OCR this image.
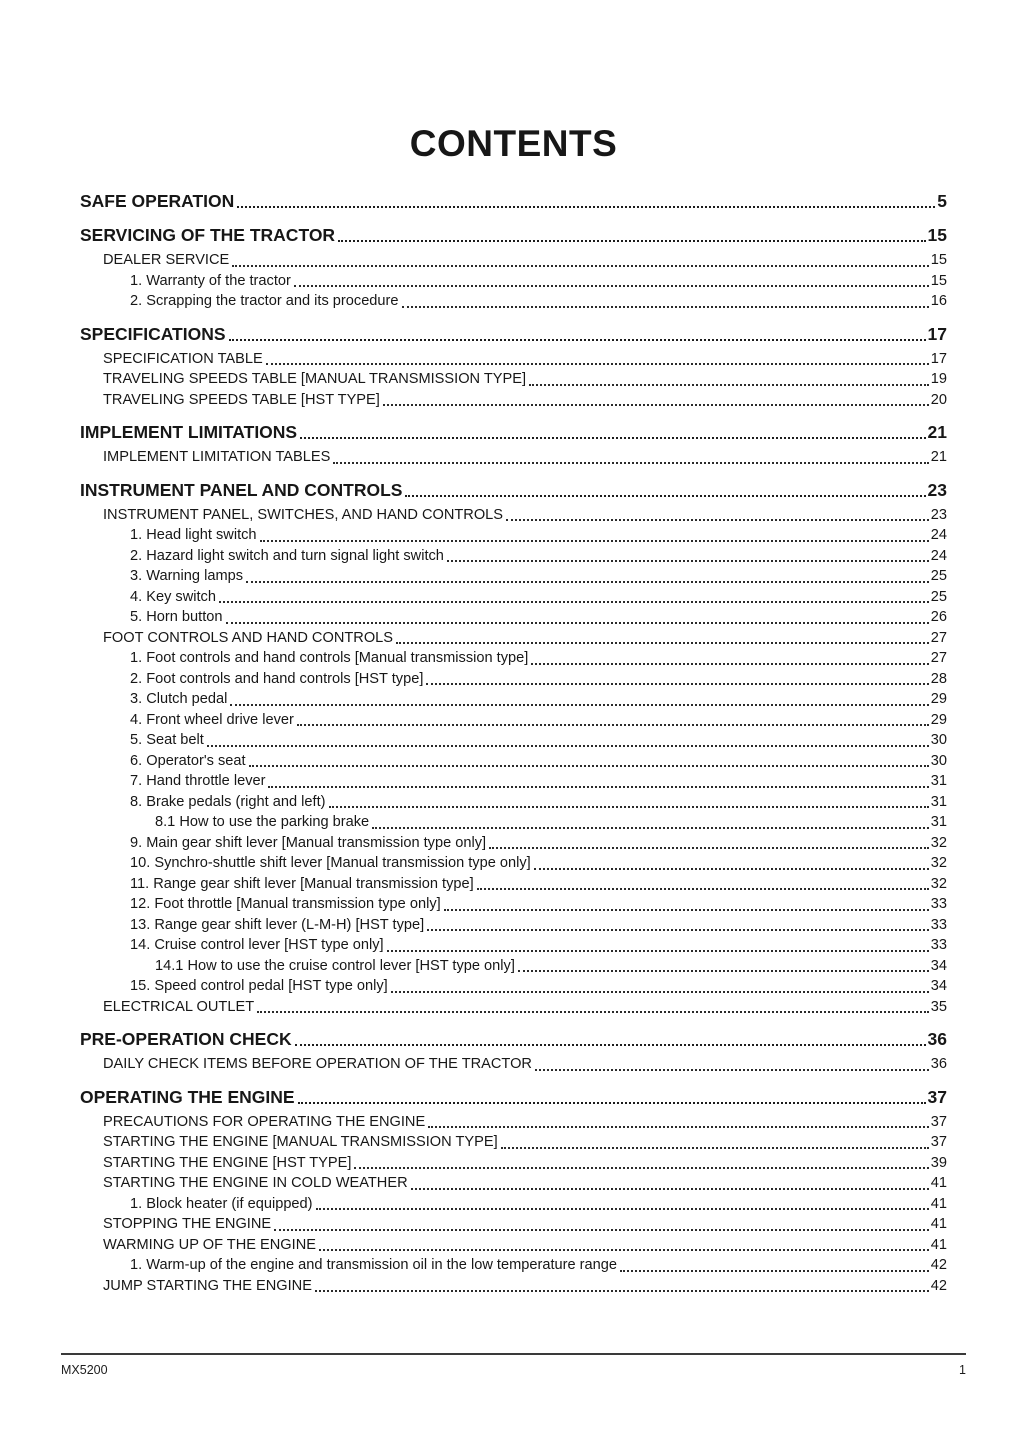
CONTENTS
SAFE OPERATION	5
SERVICING OF THE TRACTOR	15
DEALER SERVICE	15
1. Warranty of the tractor	15
2. Scrapping the tractor and its procedure	16
SPECIFICATIONS	17
SPECIFICATION TABLE	17
TRAVELING SPEEDS TABLE [MANUAL TRANSMISSION TYPE]	19
TRAVELING SPEEDS TABLE [HST TYPE]	20
IMPLEMENT LIMITATIONS	21
IMPLEMENT LIMITATION TABLES	21
INSTRUMENT PANEL AND CONTROLS	23
INSTRUMENT PANEL, SWITCHES, AND HAND CONTROLS	23
1. Head light switch	24
2. Hazard light switch and turn signal light switch	24
3. Warning lamps	25
4. Key switch	25
5. Horn button	26
FOOT CONTROLS AND HAND CONTROLS	27
1. Foot controls and hand controls [Manual transmission type]	27
2. Foot controls and hand controls [HST type]	28
3. Clutch pedal	29
4. Front wheel drive lever	29
5. Seat belt	30
6. Operator's seat	30
7. Hand throttle lever	31
8. Brake pedals (right and left)	31
8.1 How to use the parking brake	31
9. Main gear shift lever [Manual transmission type only]	32
10. Synchro-shuttle shift lever [Manual transmission type only]	32
11. Range gear shift lever [Manual transmission type]	32
12. Foot throttle [Manual transmission type only]	33
13. Range gear shift lever (L-M-H) [HST type]	33
14. Cruise control lever [HST type only]	33
14.1 How to use the cruise control lever [HST type only]	34
15. Speed control pedal [HST type only]	34
ELECTRICAL OUTLET	35
PRE-OPERATION CHECK	36
DAILY CHECK ITEMS BEFORE OPERATION OF THE TRACTOR	36
OPERATING THE ENGINE	37
PRECAUTIONS FOR OPERATING THE ENGINE	37
STARTING THE ENGINE [MANUAL TRANSMISSION TYPE]	37
STARTING THE ENGINE [HST TYPE]	39
STARTING THE ENGINE IN COLD WEATHER	41
1. Block heater (if equipped)	41
STOPPING THE ENGINE	41
WARMING UP OF THE ENGINE	41
1. Warm-up of the engine and transmission oil in the low temperature range	42
JUMP STARTING THE ENGINE	42
MX5200	1
